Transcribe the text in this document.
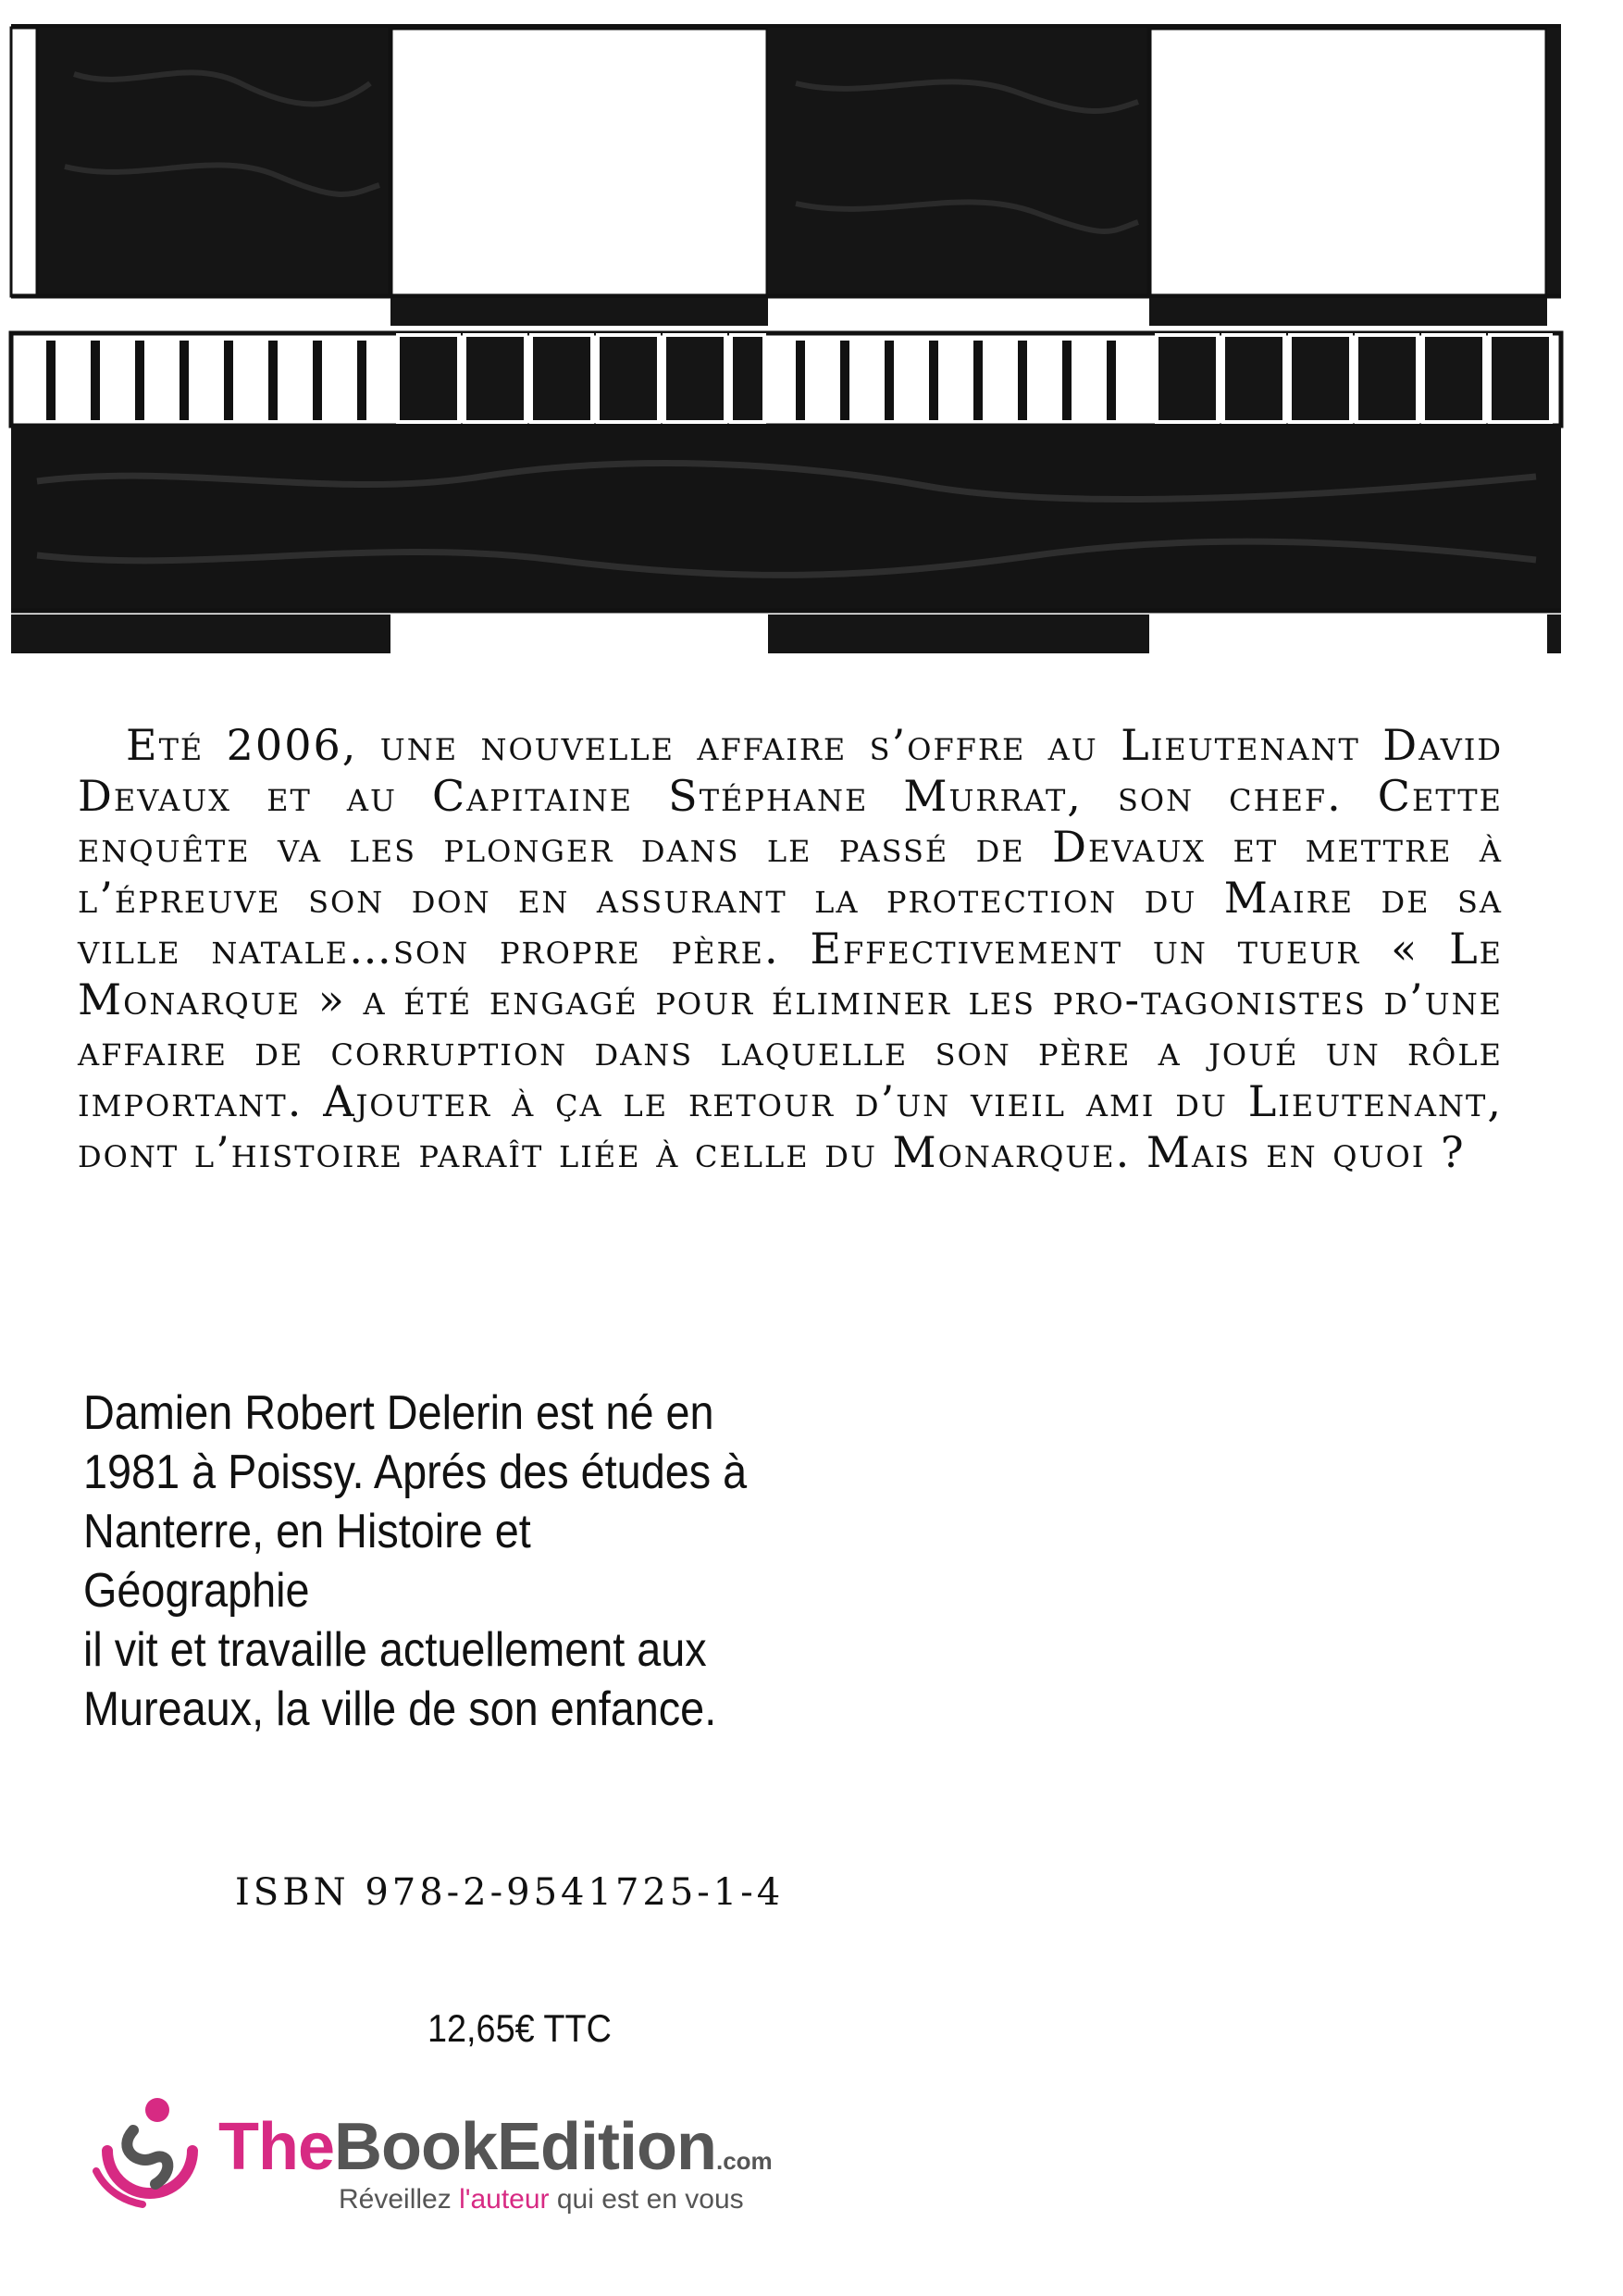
Eté 2006, une nouvelle affaire s’offre au Lieutenant David Devaux et au Capitaine Stéphane Murrat, son chef. Cette enquête va les plonger dans le passé de Devaux et mettre à l’épreuve son don en assurant la protection du Maire de sa ville natale…son propre père. Effectivement un tueur « Le Monarque » a été engagé pour éliminer les pro-tagonistes d’une affaire de corruption dans laquelle son père a joué un rôle important. Ajouter à ça le retour d’un vieil ami du Lieutenant, dont l’histoire paraît liée à celle du Monarque. Mais en quoi ?

Damien Robert Delerin est né en
1981 à Poissy. Aprés des études à
Nanterre, en Histoire et Géographie
il vit et travaille actuellement aux
Mureaux, la ville de son enfance.
ISBN 978-2-9541725-1-4
12,65€ TTC
TheBookEdition.com
Réveillez l'auteur qui est en vous
